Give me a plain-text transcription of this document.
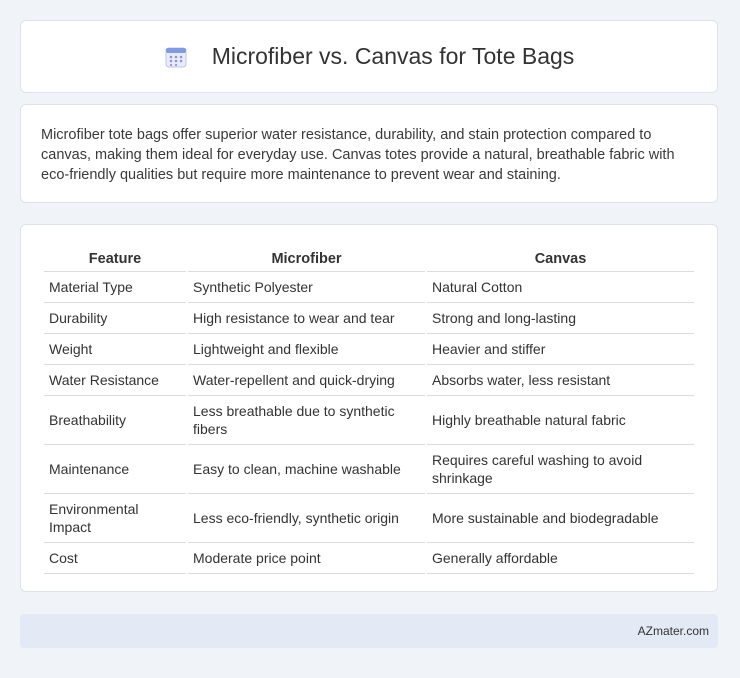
Microfiber vs. Canvas for Tote Bags

Microfiber tote bags offer superior water resistance, durability, and stain protection compared to canvas, making them ideal for everyday use. Canvas totes provide a natural, breathable fabric with eco-friendly qualities but require more maintenance to prevent wear and staining.

Feature	Microfiber	Canvas
Material Type	Synthetic Polyester	Natural Cotton
Durability	High resistance to wear and tear	Strong and long-lasting
Weight	Lightweight and flexible	Heavier and stiffer
Water Resistance	Water-repellent and quick-drying	Absorbs water, less resistant
Breathability	Less breathable due to synthetic fibers	Highly breathable natural fabric
Maintenance	Easy to clean, machine washable	Requires careful washing to avoid shrinkage
Environmental Impact	Less eco-friendly, synthetic origin	More sustainable and biodegradable
Cost	Moderate price point	Generally affordable
AZmater.com
